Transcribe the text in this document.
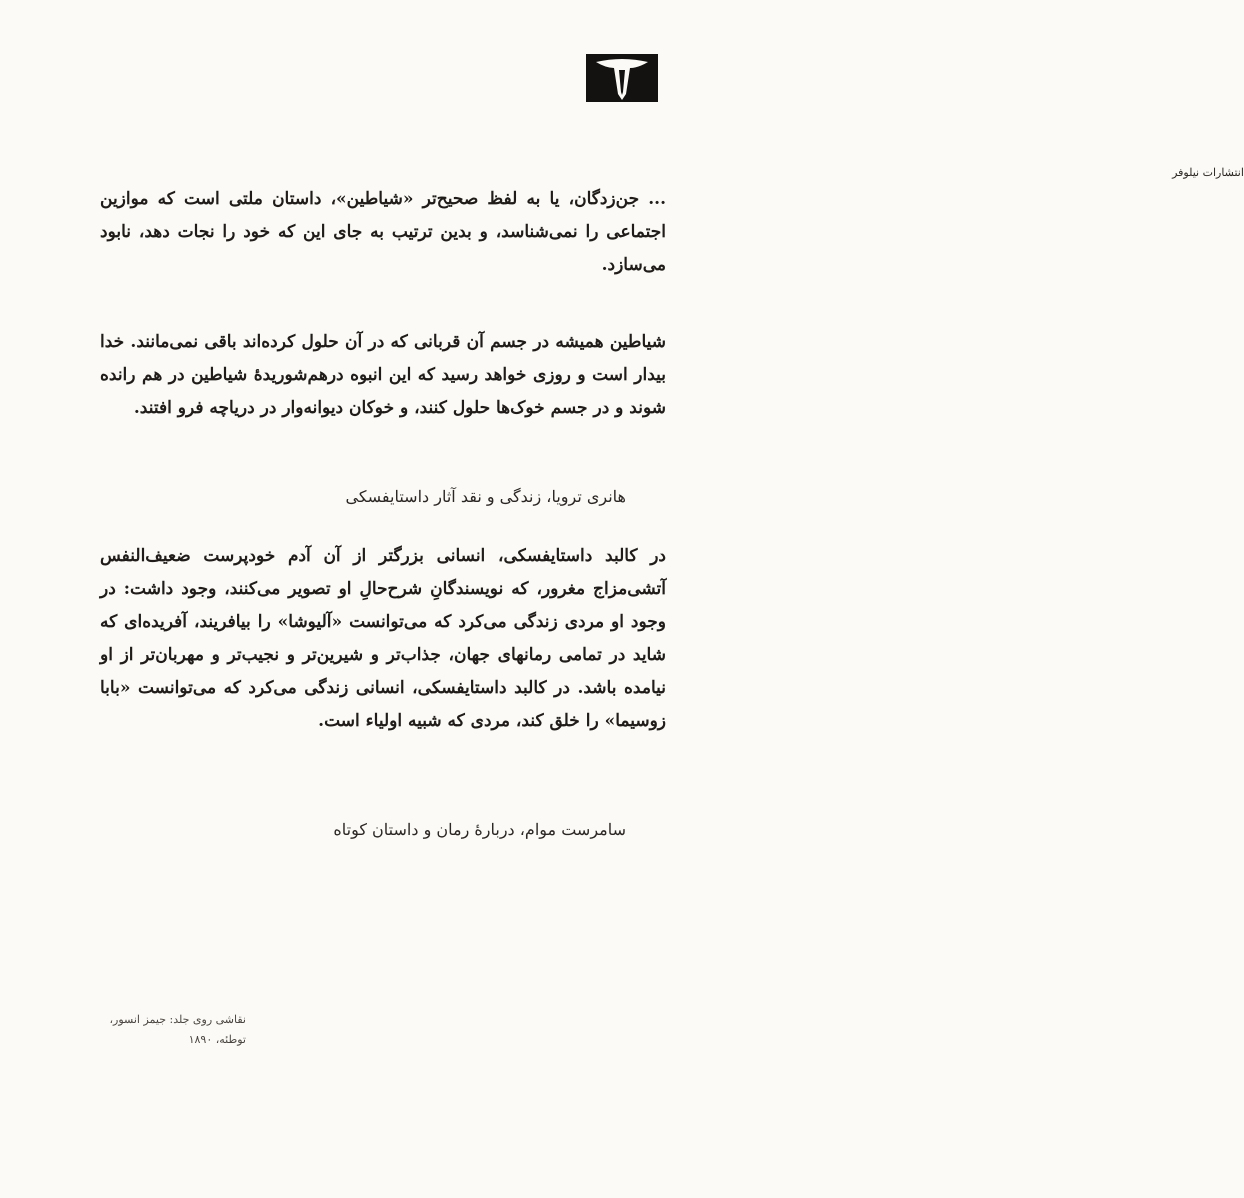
انتشارات نیلوفر

... جن‌زدگان، یا به لفظ صحیح‌تر «شیاطین»، داستان ملتی است که موازین اجتماعی را نمی‌شناسد، و بدین ترتیب به جای این که خود را نجات دهد، نابود می‌سازد.

شیاطین همیشه در جسم آن قربانی که در آن حلول کرده‌اند باقی نمی‌مانند. خدا بیدار است و روزی خواهد رسید که این انبوه درهم‌شوریدهٔ شیاطین در هم رانده شوند و در جسم خوک‌ها حلول کنند، و خوکان دیوانه‌وار در دریاچه فرو افتند.

هانری ترویا، زندگی و نقد آثار داستایفسکی

در کالبد داستایفسکی، انسانی بزرگتر از آن آدم خودپرست ضعیف‌النفس آتشی‌مزاج مغرور، که نویسندگانِ شرح‌حالِ او تصویر می‌کنند، وجود داشت: در وجود او مردی زندگی می‌کرد که می‌توانست «آلیوشا» را بیافریند، آفریده‌ای که شاید در تمامی رمانهای جهان، جذاب‌تر و شیرین‌تر و نجیب‌تر و مهربان‌تر از او نیامده باشد. در کالبد داستایفسکی، انسانی زندگی می‌کرد که می‌توانست «بابا زوسیما» را خلق کند، مردی که شبیه اولیاء است.

سامرست موام، دربارهٔ رمان و داستان کوتاه
نقاشی روی جلد: جیمز انسور،
توطئه، ۱۸۹۰
